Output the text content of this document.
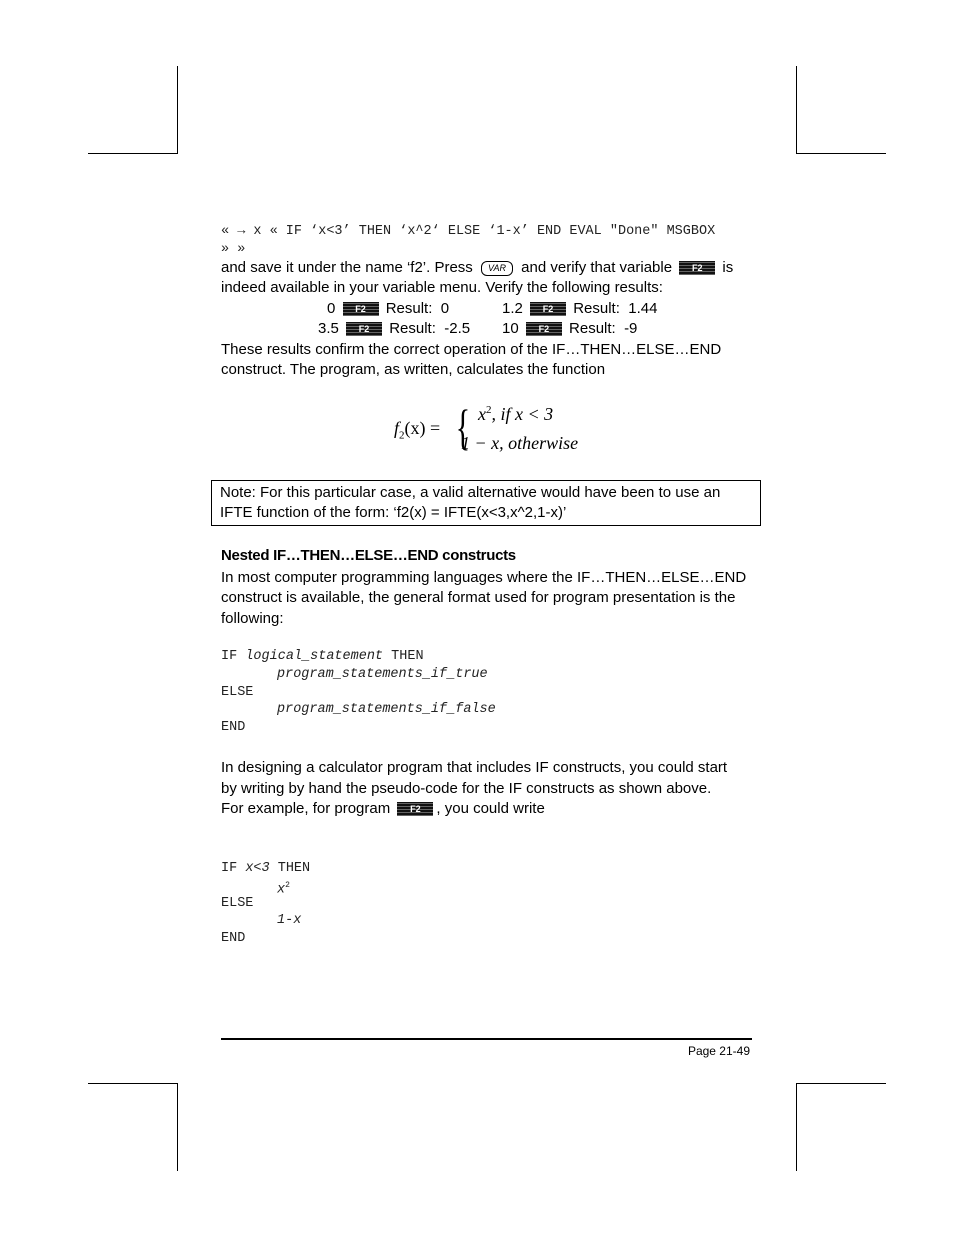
« → x « IF ‘x<3’ THEN ‘x^2‘ ELSE ‘1-x’ END EVAL "Done" MSGBOX
» »
and save it under the name ‘f2’. Press VAR and verify that variable F2 is
indeed available in your variable menu. Verify the following results:
0 F2 Result: 0	1.2 F2 Result: 1.44
3.5 F2 Result: -2.5 10 F2 Result: -9
These results confirm the correct operation of the IF…THEN…ELSE…END
construct. The program, as written, calculates the function
$f_2(x)$ = { $x^2$, if x < 3
1 − x, otherwise
Note: For this particular case, a valid alternative would have been to use an
IFTE function of the form: ‘f2(x) = IFTE(x<3,x^2,1-x)’
Nested IF…THEN…ELSE…END constructs
In most computer programming languages where the IF…THEN…ELSE…END
construct is available, the general format used for program presentation is the
following:
IF logical_statement THEN
program_statements_if_true
ELSE
program_statements_if_false
END
In designing a calculator program that includes IF constructs, you could start
by writing by hand the pseudo-code for the IF constructs as shown above.
For example, for program F2 , you could write
IF x<3 THEN
$x^2$
ELSE
1-x
END
Page 21-49
